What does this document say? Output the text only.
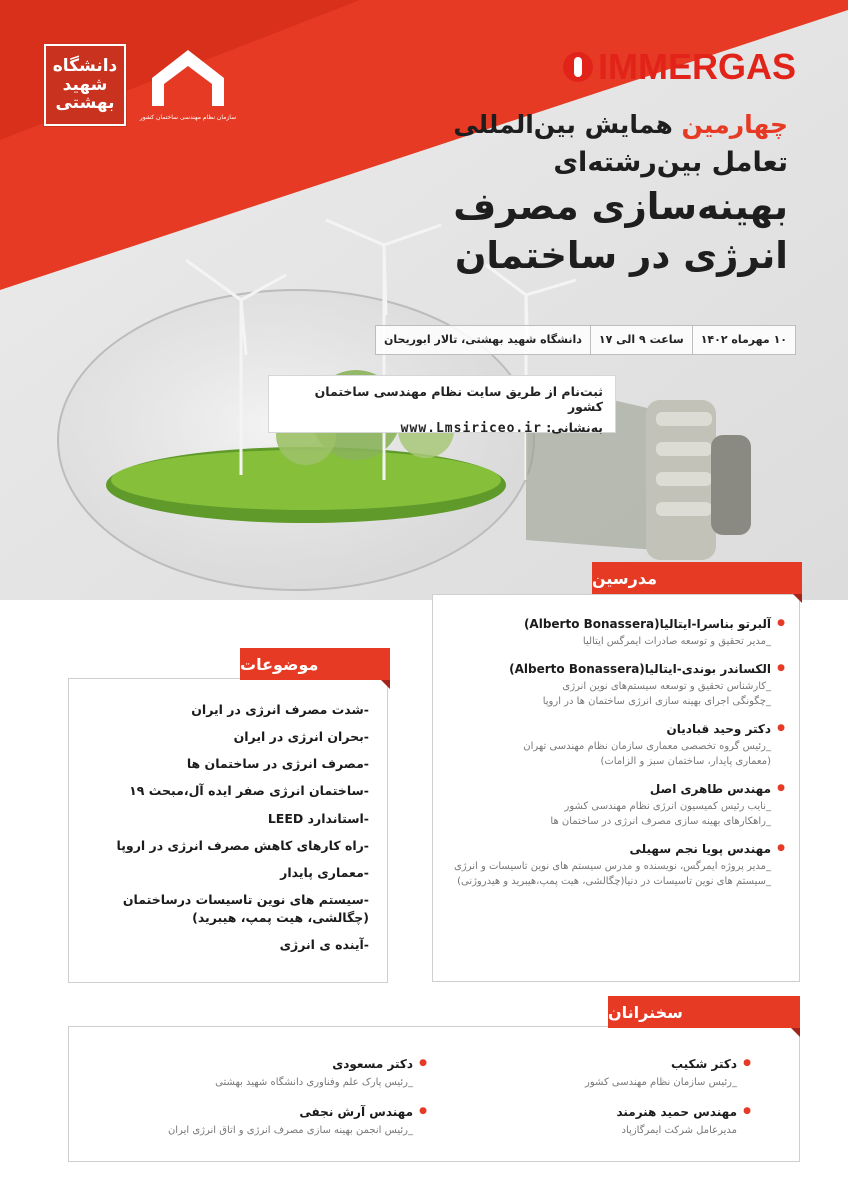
دانشگاه شهید بهشتی
سازمان نظام مهندسی ساختمان کشور
IMMERGAS
چهارمین همایش بین‌المللی
تعامل بین‌رشته‌ای
بهینه‌سازی مصرف
انرژی در ساختمان
۱۰ مهرماه ۱۴۰۲
ساعت ۹ الی ۱۷
دانشگاه شهید بهشتی، تالار ابوریحان
ثبت‌نام از طریق سایت نظام مهندسی ساختمان کشور
به‌نشانی: www.Lmsiriceo.ir
● آلبرتو بناسرا-ایتالیا(Alberto Bonassera)
_مدیر تحقیق و توسعه صادرات ایمرگس ایتالیا
● الکساندر بوندی-ایتالیا(Alberto Bonassera)
_کارشناس تحقیق و توسعه سیستم‌های نوین انرژی
_چگونگی اجرای بهینه سازی انرژی ساختمان ها در اروپا
● دکتر وحید قبادیان
_رئیس گروه تخصصی معماری سازمان نظام مهندسی تهران
(معماری پایدار، ساختمان سبز و الزامات)
● مهندس طاهری اصل
_نایب رئیس کمیسیون انرژی نظام مهندسی کشور
_راهکارهای بهینه سازی مصرف انرژی در ساختمان ها
● مهندس پویا نجم سهیلی
_مدیر پروژه ایمرگس، نویسنده و مدرس سیستم های نوین تاسیسات و انرژی
_سیستم های نوین تاسیسات در دنیا(چگالشی، هیت پمپ،هیبرید و هیدروژنی)
مدرسین
-شدت مصرف انرژی در ایران
-بحران انرژی در ایران
-مصرف انرژی در ساختمان ها
-ساختمان انرژی صفر ایده آل،مبحث ۱۹
-استاندارد LEED
-راه کارهای کاهش مصرف انرژی در اروپا
-معماری پایدار
-سیستم های نوین تاسیسات درساختمان (چگالشی، هیت پمپ، هیبرید)
-آینده ی انرژی
موضوعات
● دکتر شکیب
_رئیس سازمان نظام مهندسی کشور
● دکتر مسعودی
_رئیس پارک علم وفناوری دانشگاه شهید بهشتی
● مهندس حمید هنرمند
مدیرعامل شرکت ایمرگازپاد
● مهندس آرش نجفی
_رئیس انجمن بهینه سازی مصرف انرژی و اتاق انرژی ایران
سخنرانان
